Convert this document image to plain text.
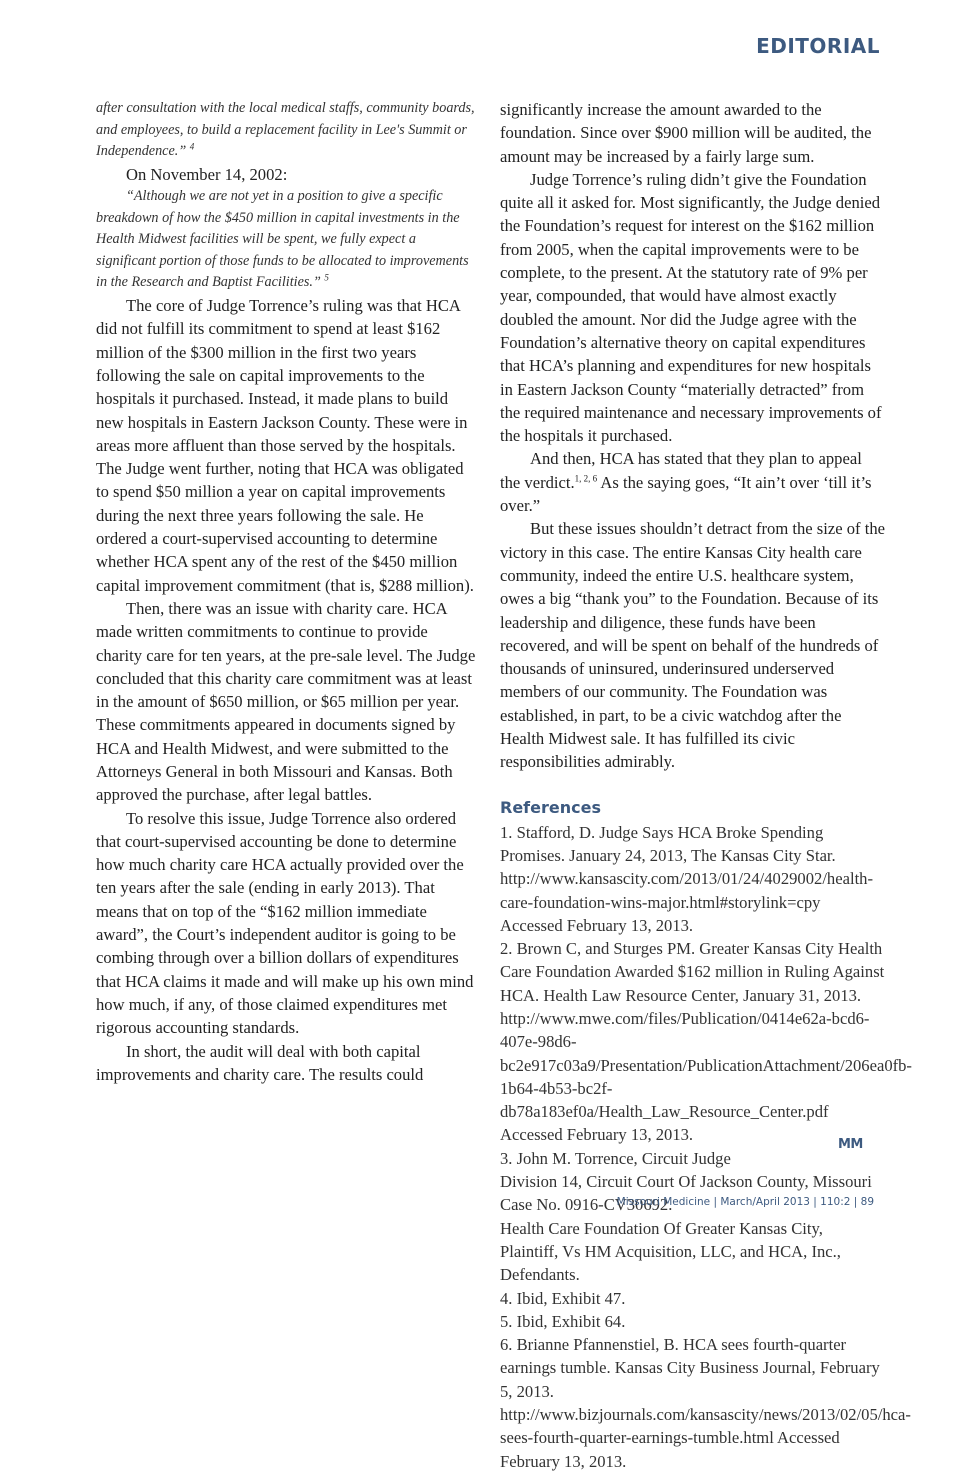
EDITORIAL

after consultation with the local medical staffs, community boards, and employees, to build a replacement facility in Lee's Summit or Independence.” $^4$

On November 14, 2002:

“Although we are not yet in a position to give a specific breakdown of how the $450 million in capital investments in the Health Midwest facilities will be spent, we fully expect a significant portion of those funds to be allocated to improvements in the Research and Baptist Facilities.” $^5$

The core of Judge Torrence’s ruling was that HCA did not fulfill its commitment to spend at least $162 million of the $300 million in the first two years following the sale on capital improvements to the hospitals it purchased. Instead, it made plans to build new hospitals in Eastern Jackson County. These were in areas more affluent than those served by the hospitals. The Judge went further, noting that HCA was obligated to spend $50 million a year on capital improvements during the next three years following the sale. He ordered a court-supervised accounting to determine whether HCA spent any of the rest of the $450 million capital improvement commitment (that is, $288 million).

Then, there was an issue with charity care. HCA made written commitments to continue to provide charity care for ten years, at the pre-sale level. The Judge concluded that this charity care commitment was at least in the amount of $650 million, or $65 million per year. These commitments appeared in documents signed by HCA and Health Midwest, and were submitted to the Attorneys General in both Missouri and Kansas. Both approved the purchase, after legal battles.

To resolve this issue, Judge Torrence also ordered that court-supervised accounting be done to determine how much charity care HCA actually provided over the ten years after the sale (ending in early 2013). That means that on top of the “$162 million immediate award”, the Court’s independent auditor is going to be combing through over a billion dollars of expenditures that HCA claims it made and will make up his own mind how much, if any, of those claimed expenditures met rigorous accounting standards.

In short, the audit will deal with both capital improvements and charity care. The results could

significantly increase the amount awarded to the foundation. Since over $900 million will be audited, the amount may be increased by a fairly large sum.

Judge Torrence’s ruling didn’t give the Foundation quite all it asked for. Most significantly, the Judge denied the Foundation’s request for interest on the $162 million from 2005, when the capital improvements were to be complete, to the present. At the statutory rate of 9% per year, compounded, that would have almost exactly doubled the amount. Nor did the Judge agree with the Foundation’s alternative theory on capital expenditures that HCA’s planning and expenditures for new hospitals in Eastern Jackson County “materially detracted” from the required maintenance and necessary improvements of the hospitals it purchased.

And then, HCA has stated that they plan to appeal the verdict.$^{1, 2, 6}$ As the saying goes, “It ain’t over ‘till it’s over.”

But these issues shouldn’t detract from the size of the victory in this case. The entire Kansas City health care community, indeed the entire U.S. healthcare system, owes a big “thank you” to the Foundation. Because of its leadership and diligence, these funds have been recovered, and will be spent on behalf of the hundreds of thousands of uninsured, underinsured underserved members of our community. The Foundation was established, in part, to be a civic watchdog after the Health Midwest sale. It has fulfilled its civic responsibilities admirably.

References

1. Stafford, D. Judge Says HCA Broke Spending Promises. January 24, 2013, The Kansas City Star. http://www.kansascity.com/2013/01/24/4029002/health-care-foundation-wins-major.html#storylink=cpy Accessed February 13, 2013.

2. Brown C, and Sturges PM. Greater Kansas City Health Care Foundation Awarded $162 million in Ruling Against HCA. Health Law Resource Center, January 31, 2013.

http://www.mwe.com/files/Publication/0414e62a-bcd6-407e-98d6-bc2e917c03a9/Presentation/PublicationAttachment/206ea0fb-1b64-4b53-bc2f-db78a183ef0a/Health_Law_Resource_Center.pdf Accessed February 13, 2013.

3. John M. Torrence, Circuit Judge

Division 14, Circuit Court Of Jackson County, Missouri

Case No. 0916-CV30692.

Health Care Foundation Of Greater Kansas City, Plaintiff, Vs HM Acquisition, LLC, and HCA, Inc., Defendants.

4. Ibid, Exhibit 47.

5. Ibid, Exhibit 64.

6. Brianne Pfannenstiel, B. HCA sees fourth-quarter earnings tumble. Kansas City Business Journal, February 5, 2013. http://www.bizjournals.com/kansascity/news/2013/02/05/hca-sees-fourth-quarter-earnings-tumble.html Accessed February 13, 2013.

MM
Missouri Medicine | March/April 2013 | 110:2 | 89
